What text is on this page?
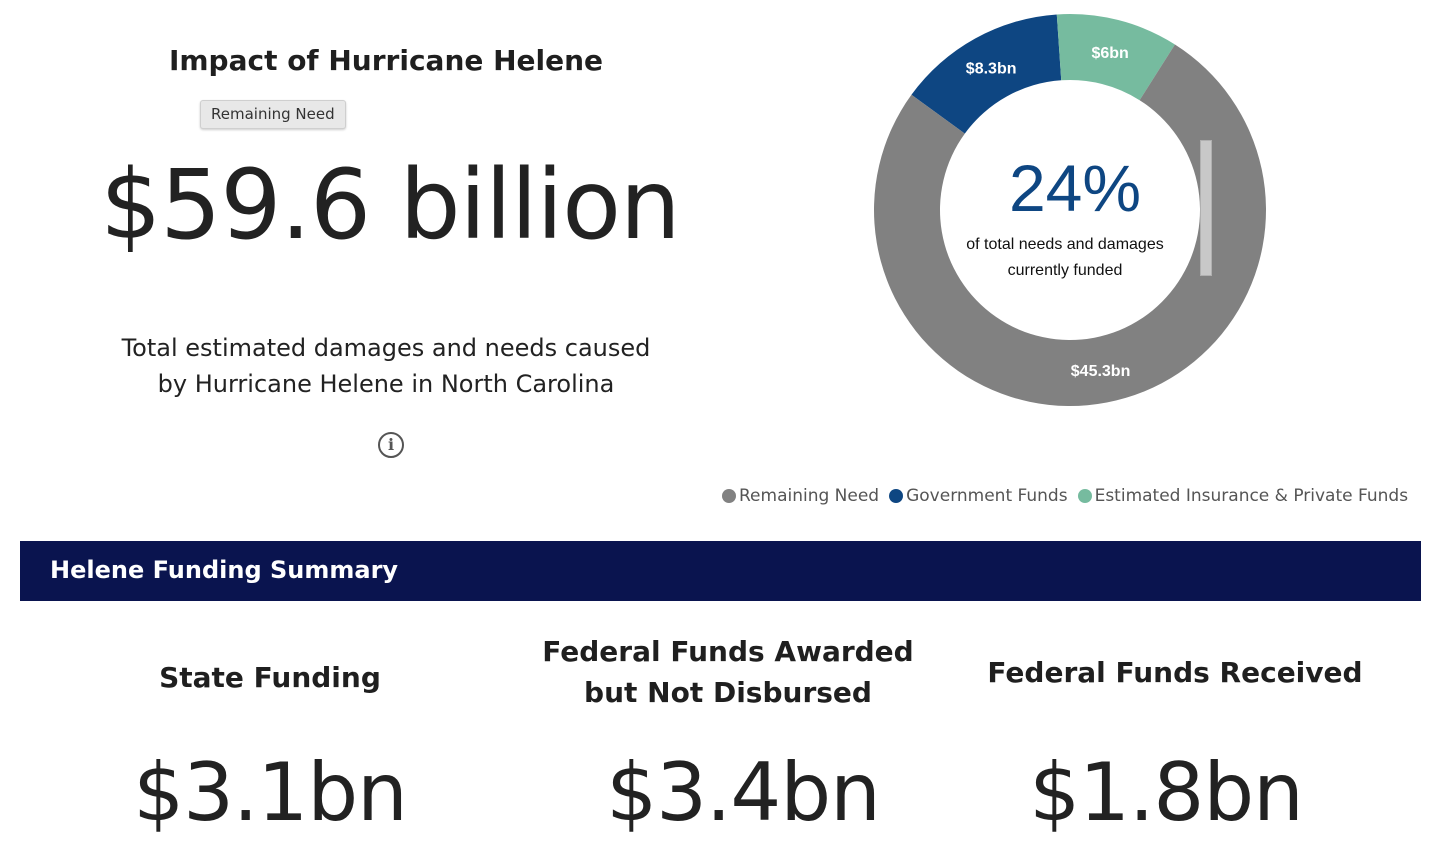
Impact of Hurricane Helene
Remaining Need
$59.6 billion
Total estimated damages and needs caused
by Hurricane Helene in North Carolina
i
$8.3bn
$6bn
$45.3bn
24%
of total needs and damages
currently funded
Remaining Need Government Funds Estimated Insurance & Private Funds
Helene Funding Summary
State Funding
$3.1bn
Federal Funds Awarded
but Not Disbursed
$3.4bn
Federal Funds Received
$1.8bn
